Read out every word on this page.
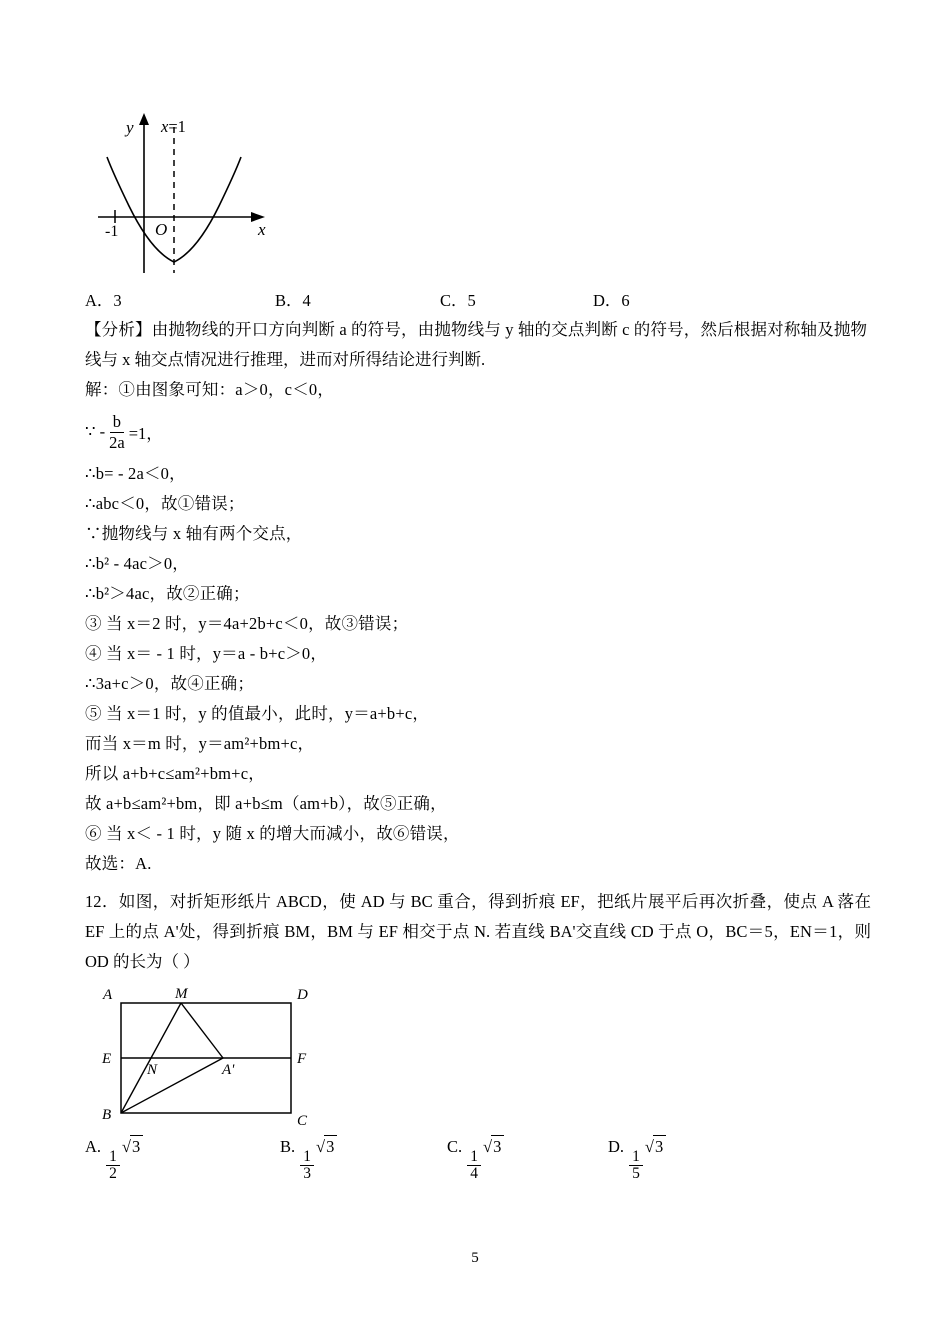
y
x
O
-1
x=1
A．3	B．4	C．5	D．6
【分析】由抛物线的开口方向判断 a 的符号，由抛物线与 y 轴的交点判断 c 的符号，然后根据对称轴及抛物线与 x 轴交点情况进行推理，进而对所得结论进行判断.
解：①由图象可知：a＞0，c＜0，
∵ - $\frac{b}{2a} =1$，
∴b= - 2a＜0，
∴abc＜0，故①错误；
∵抛物线与 x 轴有两个交点，
∴b² - 4ac＞0，
∴b²＞4ac，故②正确；
③ 当 x＝2 时，y＝4a+2b+c＜0，故③错误；
④ 当 x＝ - 1 时，y＝a - b+c＞0，
∴3a+c＞0，故④正确；
⑤ 当 x＝1 时，y 的值最小，此时，y＝a+b+c，
而当 x＝m 时，y＝am²+bm+c，
所以 a+b+c≤am²+bm+c，
故 a+b≤am²+bm，即 a+b≤m（am+b），故⑤正确，
⑥ 当 x＜ - 1 时，y 随 x 的增大而减小，故⑥错误，
故选：A.
12．如图，对折矩形纸片 ABCD，使 AD 与 BC 重合，得到折痕 EF，把纸片展平后再次折叠，使点 A 落在 EF 上的点 A'处，得到折痕 BM，BM 与 EF 相交于点 N. 若直线 BA'交直线 CD 于点 O，BC＝5，EN＝1，则 OD 的长为（ ）
A	D
E	F
B	C
M
N	A'
A.
$\frac{1}{2}$
√3	B.
$\frac{1}{3}$
√3	C.
$\frac{1}{4}$
√3	D.
$\frac{1}{5}$
√3
5
